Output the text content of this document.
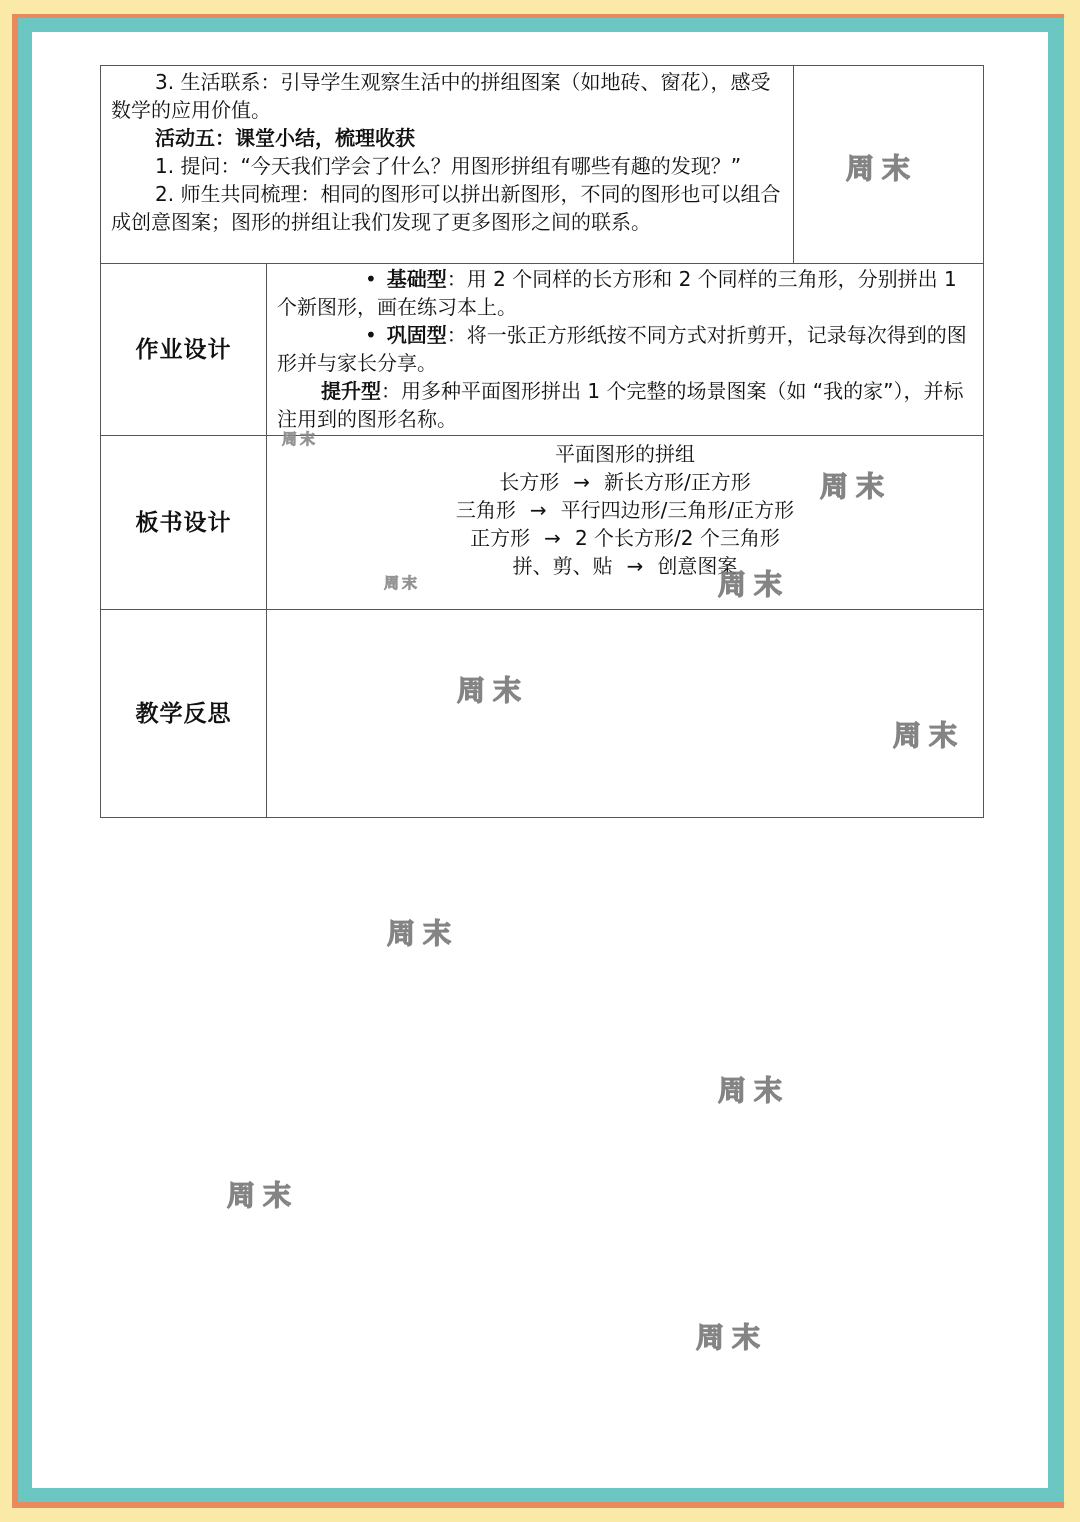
3. 生活联系：引导学生观察生活中的拼组图案（如地砖、窗花），感受数学的应用价值。

活动五：课堂小结，梳理收获

1. 提问：“今天我们学会了什么？用图形拼组有哪些有趣的发现？”

2. 师生共同梳理：相同的图形可以拼出新图形，不同的图形也可以组合成创意图案；图形的拼组让我们发现了更多图形之间的联系。		

作业设计	• 基础型：用 2 个同样的长方形和 2 个同样的三角形，分别拼出 1 个新图形，画在练习本上。

• 巩固型：将一张正方形纸按不同方式对折剪开，记录每次得到的图形并与家长分享。

提升型：用多种平面图形拼出 1 个完整的场景图案（如 “我的家”），并标注用到的图形名称。	

板书设计	平面图形的拼组
长方形 → 新长方形/正方形
三角形 → 平行四边形/三角形/正方形
正方形 → 2 个长方形/2 个三角形
拼、剪、贴 → 创意图案	

教学反思		
周末
周末
周末
周末	周末
周末
周末
周末
周末
周末
周末
